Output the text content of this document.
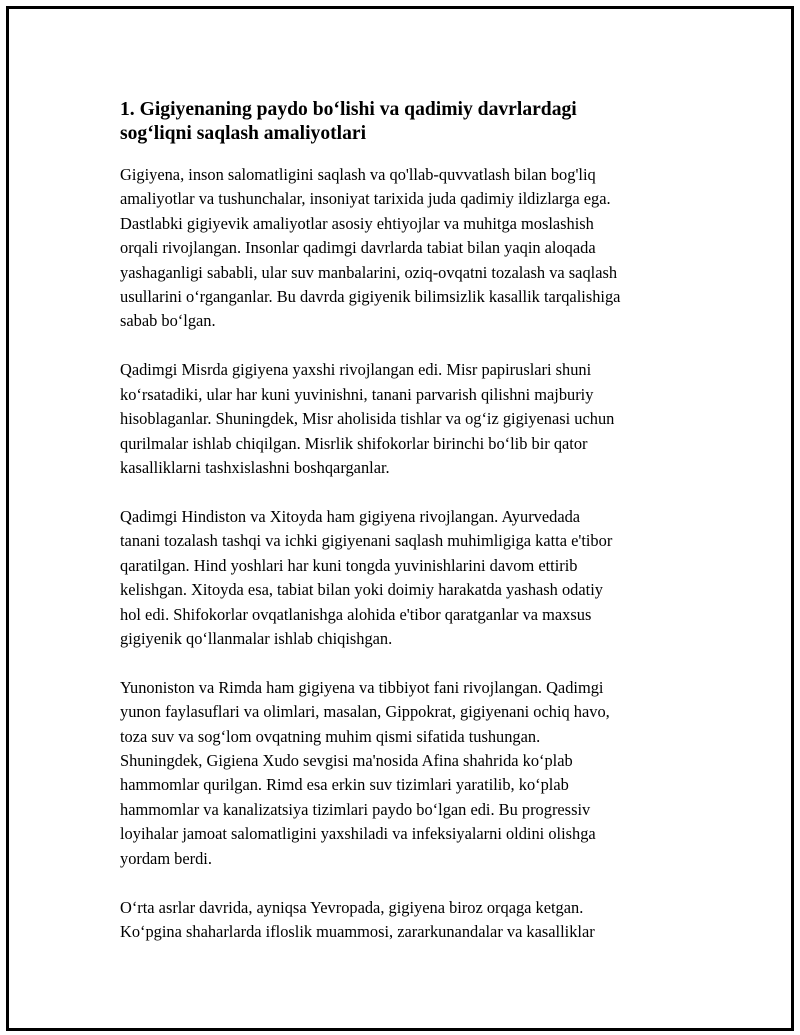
1. Gigiyenaning paydo bo‘lishi va qadimiy davrlardagi
sog‘liqni saqlash amaliyotlari

Gigiyena, inson salomatligini saqlash va qo'llab-quvvatlash bilan bog'liq
amaliyotlar va tushunchalar, insoniyat tarixida juda qadimiy ildizlarga ega.
Dastlabki gigiyevik amaliyotlar asosiy ehtiyojlar va muhitga moslashish
orqali rivojlangan. Insonlar qadimgi davrlarda tabiat bilan yaqin aloqada
yashaganligi sababli, ular suv manbalarini, oziq-ovqatni tozalash va saqlash
usullarini o‘rganganlar. Bu davrda gigiyenik bilimsizlik kasallik tarqalishiga
sabab bo‘lgan.

Qadimgi Misrda gigiyena yaxshi rivojlangan edi. Misr papiruslari shuni
ko‘rsatadiki, ular har kuni yuvinishni, tanani parvarish qilishni majburiy
hisoblaganlar. Shuningdek, Misr aholisida tishlar va og‘iz gigiyenasi uchun
qurilmalar ishlab chiqilgan. Misrlik shifokorlar birinchi bo‘lib bir qator
kasalliklarni tashxislashni boshqarganlar.

Qadimgi Hindiston va Xitoyda ham gigiyena rivojlangan. Ayurvedada
tanani tozalash tashqi va ichki gigiyenani saqlash muhimligiga katta e'tibor
qaratilgan. Hind yoshlari har kuni tongda yuvinishlarini davom ettirib
kelishgan. Xitoyda esa, tabiat bilan yoki doimiy harakatda yashash odatiy
hol edi. Shifokorlar ovqatlanishga alohida e'tibor qaratganlar va maxsus
gigiyenik qo‘llanmalar ishlab chiqishgan.

Yunoniston va Rimda ham gigiyena va tibbiyot fani rivojlangan. Qadimgi
yunon faylasuflari va olimlari, masalan, Gippokrat, gigiyenani ochiq havo,
toza suv va sog‘lom ovqatning muhim qismi sifatida tushungan.
Shuningdek, Gigiena Xudo sevgisi ma'nosida Afina shahrida ko‘plab
hammomlar qurilgan. Rimd esa erkin suv tizimlari yaratilib, ko‘plab
hammomlar va kanalizatsiya tizimlari paydo bo‘lgan edi. Bu progressiv
loyihalar jamoat salomatligini yaxshiladi va infeksiyalarni oldini olishga
yordam berdi.

O‘rta asrlar davrida, ayniqsa Yevropada, gigiyena biroz orqaga ketgan.
Ko‘pgina shaharlarda ifloslik muammosi, zararkunandalar va kasalliklar
